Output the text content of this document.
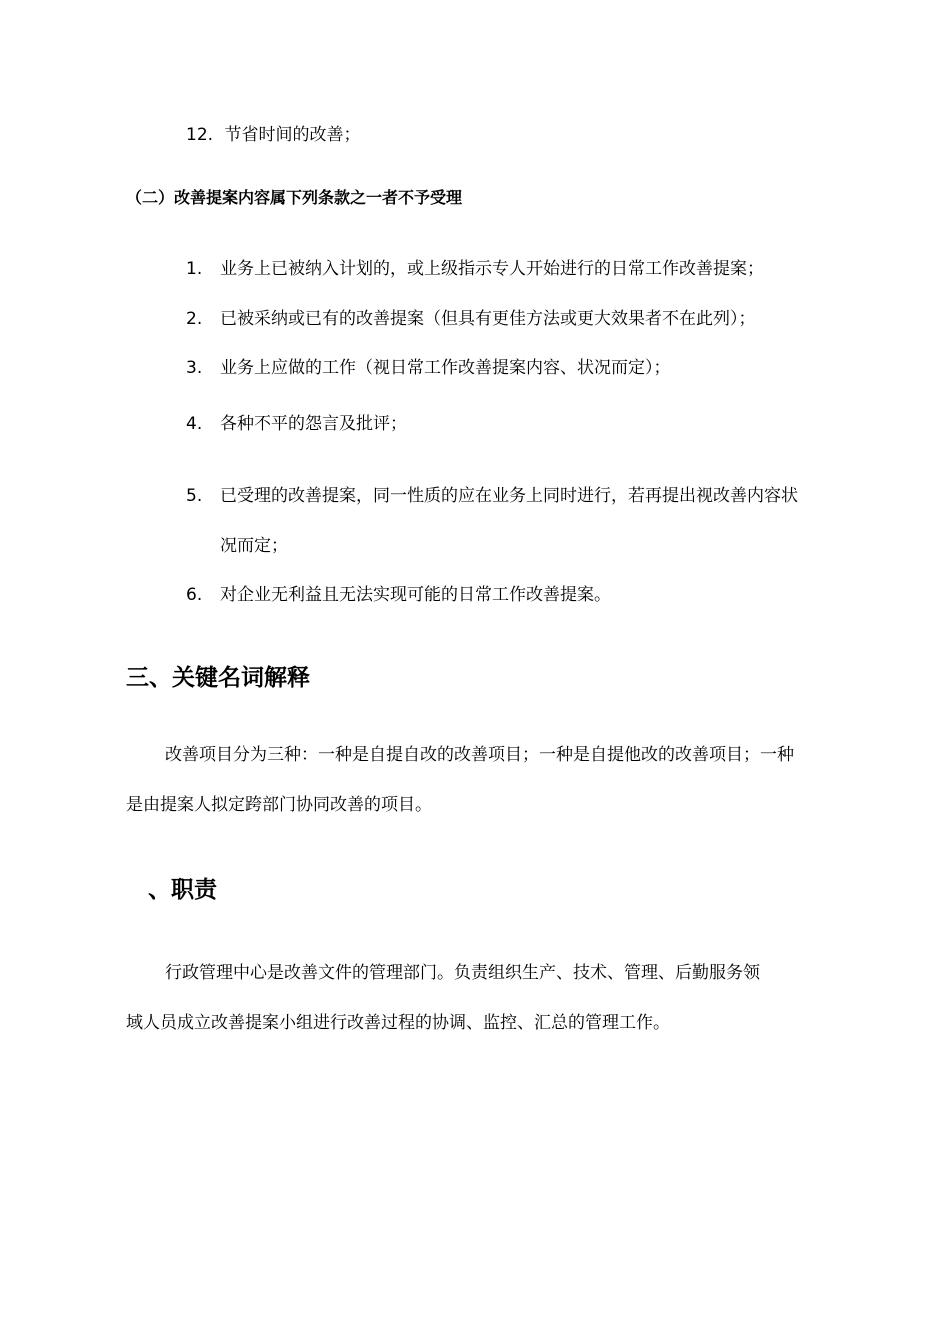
12. 节省时间的改善；
（二）改善提案内容属下列条款之一者不予受理
1. 业务上已被纳入计划的，或上级指示专人开始进行的日常工作改善提案；
2. 已被采纳或已有的改善提案（但具有更佳方法或更大效果者不在此列）；
3. 业务上应做的工作（视日常工作改善提案内容、状况而定）；
4. 各种不平的怨言及批评；
5. 已受理的改善提案，同一性质的应在业务上同时进行，若再提出视改善内容状
况而定；
6. 对企业无利益且无法实现可能的日常工作改善提案。
三、关键名词解释
改善项目分为三种：一种是自提自改的改善项目；一种是自提他改的改善项目；一种
是由提案人拟定跨部门协同改善的项目。
、职责
行政管理中心是改善文件的管理部门。负责组织生产、技术、管理、后勤服务领
域人员成立改善提案小组进行改善过程的协调、监控、汇总的管理工作。
